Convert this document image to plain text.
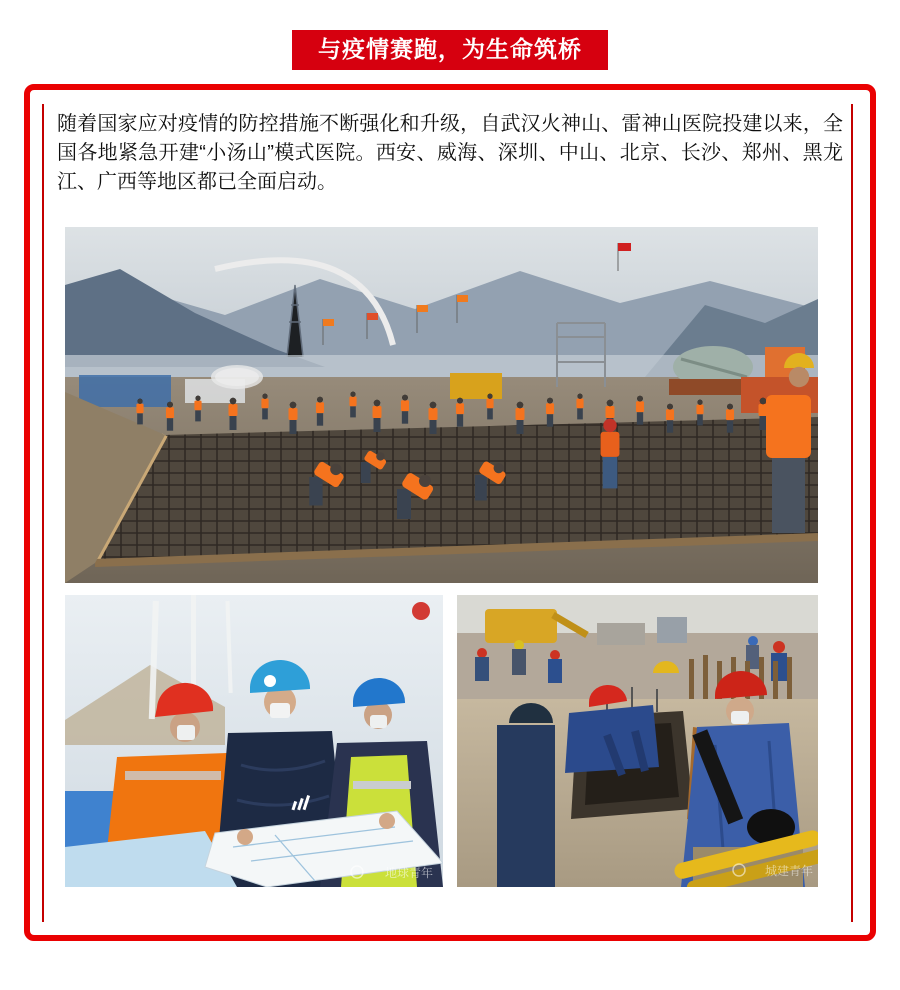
与疫情赛跑，为生命筑桥

随着国家应对疫情的防控措施不断强化和升级，自武汉火神山、雷神山医院投建以来，全国各地紧急开建“小汤山”模式医院。西安、威海、深圳、中山、北京、长沙、郑州、黑龙江、广西等地区都已全面启动。

地球青年	城建青年
